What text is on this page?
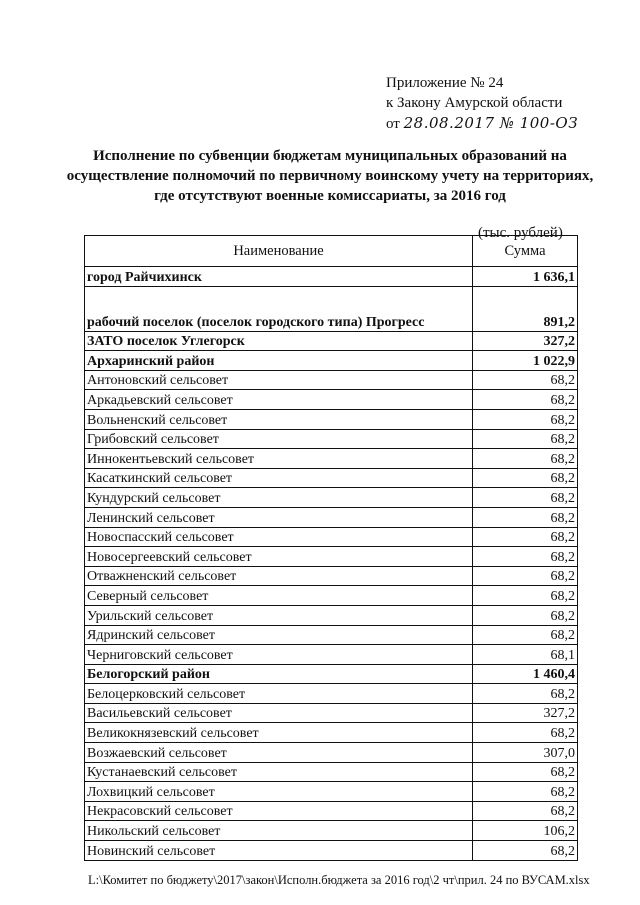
Приложение № 24
к Закону Амурской области
от 28.08.2017 № 100-ОЗ
Исполнение по субвенции бюджетам муниципальных образований на осуществление полномочий по первичному воинскому учету на территориях, где отсутствуют военные комиссариаты, за 2016 год
(тыс. рублей)
Наименование	Сумма
город Райчихинск	1 636,1
рабочий поселок (поселок городского типа) Прогресс	891,2
ЗАТО поселок Углегорск	327,2
Архаринский район	1 022,9
Антоновский сельсовет	68,2
Аркадьевский сельсовет	68,2
Вольненский сельсовет	68,2
Грибовский сельсовет	68,2
Иннокентьевский сельсовет	68,2
Касаткинский сельсовет	68,2
Кундурский сельсовет	68,2
Ленинский сельсовет	68,2
Новоспасский сельсовет	68,2
Новосергеевский сельсовет	68,2
Отважненский сельсовет	68,2
Северный сельсовет	68,2
Урильский сельсовет	68,2
Ядринский сельсовет	68,2
Черниговский сельсовет	68,1
Белогорский район	1 460,4
Белоцерковский сельсовет	68,2
Васильевский сельсовет	327,2
Великокнязевский сельсовет	68,2
Возжаевский сельсовет	307,0
Кустанаевский сельсовет	68,2
Лохвицкий сельсовет	68,2
Некрасовский сельсовет	68,2
Никольский сельсовет	106,2
Новинский сельсовет	68,2
L:\Комитет по бюджету\2017\закон\Исполн.бюджета за 2016 год\2 чт\прил. 24 по ВУСАМ.xlsx
